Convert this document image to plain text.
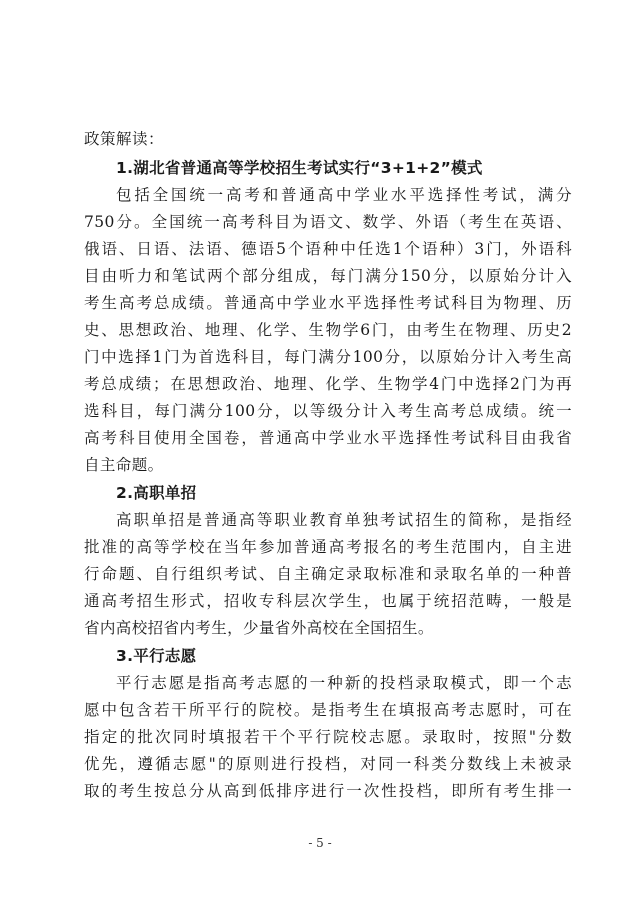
政策解读：
1.湖北省普通高等学校招生考试实行“3+1+2”模式
包括全国统一高考和普通高中学业水平选择性考试，满分
750分。全国统一高考科目为语文、数学、外语（考生在英语、
俄语、日语、法语、德语5个语种中任选1个语种）3门，外语科
目由听力和笔试两个部分组成，每门满分150分，以原始分计入
考生高考总成绩。普通高中学业水平选择性考试科目为物理、历
史、思想政治、地理、化学、生物学6门，由考生在物理、历史2
门中选择1门为首选科目，每门满分100分，以原始分计入考生高
考总成绩；在思想政治、地理、化学、生物学4门中选择2门为再
选科目，每门满分100分，以等级分计入考生高考总成绩。统一
高考科目使用全国卷，普通高中学业水平选择性考试科目由我省
自主命题。
2.高职单招
高职单招是普通高等职业教育单独考试招生的简称，是指经
批准的高等学校在当年参加普通高考报名的考生范围内，自主进
行命题、自行组织考试、自主确定录取标准和录取名单的一种普
通高考招生形式，招收专科层次学生，也属于统招范畴，一般是
省内高校招省内考生，少量省外高校在全国招生。
3.平行志愿
平行志愿是指高考志愿的一种新的投档录取模式，即一个志
愿中包含若干所平行的院校。是指考生在填报高考志愿时，可在
指定的批次同时填报若干个平行院校志愿。录取时，按照"分数
优先，遵循志愿"的原则进行投档，对同一科类分数线上未被录
取的考生按总分从高到低排序进行一次性投档，即所有考生排一
- 5 -
